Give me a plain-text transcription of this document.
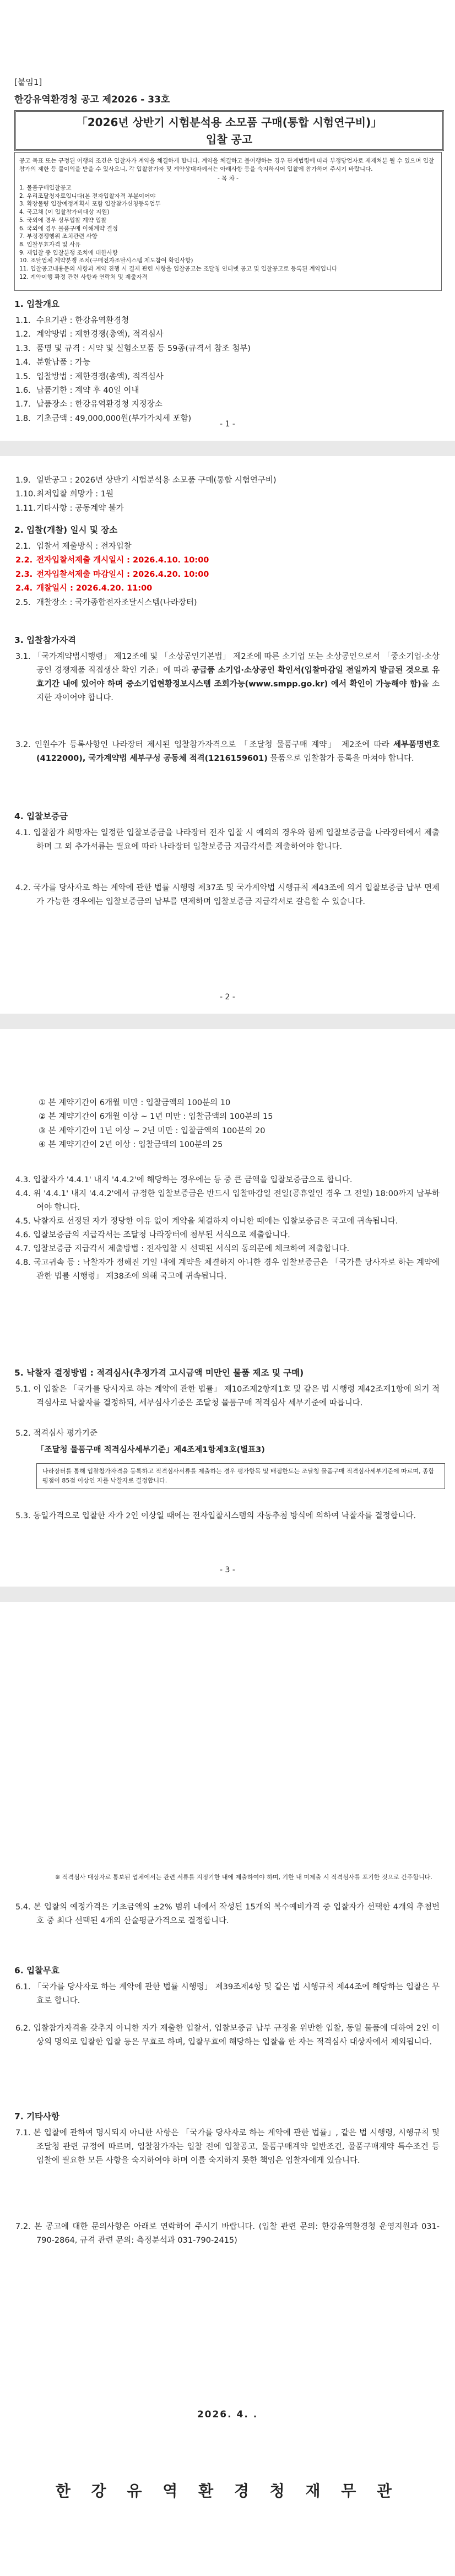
[붙임1]
한강유역환경청 공고 제2026 - 33호
「2026년 상반기 시험분석용 소모품 구매(통합 시험연구비)」
입찰 공고
공고 목표 또는 규정된 이행의 조건은 입찰자가 계약을 체결하게 합니다. 계약을 체결하고 불이행하는 경우 관계법령에 따라 부정당업자로 제재처분 될 수 있으며 입찰참가의 제한 등 불이익을 받을 수 있사오니, 각 입찰참가자 및 계약상대자께서는 아래사항 등을 숙지하시어 입찰에 참가하여 주시기 바랍니다.
- 목 차 -
1. 물품구매입찰공고
2. 우리조달청자료입니다(본 전자입찰자격 부분이어야
3. 확장물량 입찰예정계획서 포함 입찰참가신청등록업무
4. 국고채 (이 입찰참가비대상 지원)
5. 국외에 경우 상무입찰 계약 입찰
6. 국외에 경우 물품구매 이해계약 결정
7. 부정경쟁행위 조치관련 사항
8. 입찰무효자격 및 사유
9. 재입찰 중 입찰분쟁 조치에 대한사항
10. 조달업체 계약분쟁 조치(구매전자조달시스템 제도참여 확인사항)
11. 입찰공고내용문의 사항과 계약 진행 시 결제 관련 사항을 입찰공고는 조달청 인터넷 공고 및 입찰공고로 등록된 계약입니다
12. 계약이행 확정 관련 사항과 연락처 및 제출자격
1. 입찰개요
1.1. 수요기관 : 한강유역환경청
1.2. 계약방법 : 제한경쟁(총액), 적격심사
1.3. 품명 및 규격 : 시약 및 실험소모품 등 59종(규격서 참조 첨부)
1.4. 분할납품 : 가능
1.5. 입찰방법 : 제한경쟁(총액), 적격심사
1.6. 납품기한 : 계약 후 40일 이내
1.7. 납품장소 : 한강유역환경청 지정장소
1.8. 기초금액 : 49,000,000원(부가가치세 포함)
- 1 -
1.9. 일반공고 : 2026년 상반기 시험분석용 소모품 구매(통합 시험연구비)
1.10.최저입찰 희망가 : 1원
1.11.기타사항 : 공동계약 불가
2. 입찰(개찰) 일시 및 장소
2.1. 입찰서 제출방식 : 전자입찰
2.2. 전자입찰서제출 개시일시 : 2026.4.10. 10:00
2.3. 전자입찰서제출 마감일시 : 2026.4.20. 10:00
2.4. 개찰일시 : 2026.4.20. 11:00
2.5. 개찰장소 : 국가종합전자조달시스템(나라장터)
3. 입찰참가자격
3.1. 「국가계약법시행령」 제12조에 및 「소상공인기본법」 제2조에 따른 소기업 또는 소상공인으로서 「중소기업·소상공인 경쟁제품 직접생산 확인 기준」에 따라 공급품 소기업·소상공인 확인서(입찰마감일 전일까지 발급된 것으로 유효기간 내에 있어야 하며 중소기업현황정보시스템 조회가능(www.smpp.go.kr) 에서 확인이 가능해야 함)을 소지한 자이어야 합니다.
3.2. 인원수가 등록사항인 나라장터 제시된 입찰참가자격으로 「조달청 물품구매 계약」 제2조에 따라 세부품명번호(4122000), 국가계약법 세부구성 공동체 적격(1216159601) 물품으로 입찰참가 등록을 마쳐야 합니다.
4. 입찰보증금
4.1. 입찰참가 희망자는 일정한 입찰보증금을 나라장터 전자 입찰 시 예외의 경우와 함께 입찰보증금을 나라장터에서 제출하며 그 외 추가서류는 필요에 따라 나라장터 입찰보증금 지급각서를 제출하여야 합니다.
4.2. 국가를 당사자로 하는 계약에 관한 법률 시행령 제37조 및 국가계약법 시행규칙 제43조에 의거 입찰보증금 납부 면제가 가능한 경우에는 입찰보증금의 납부를 면제하며 입찰보증금 지급각서로 갈음할 수 있습니다.
- 2 -
① 본 계약기간이 6개월 미만 : 입찰금액의 100분의 10
② 본 계약기간이 6개월 이상 ~ 1년 미만 : 입찰금액의 100분의 15
③ 본 계약기간이 1년 이상 ~ 2년 미만 : 입찰금액의 100분의 20
④ 본 계약기간이 2년 이상 : 입찰금액의 100분의 25
4.3. 입찰자가 '4.4.1' 내지 '4.4.2'에 해당하는 경우에는 등 중 큰 금액을 입찰보증금으로 합니다.
4.4. 위 '4.4.1' 내지 '4.4.2'에서 규정한 입찰보증금은 반드시 입찰마감일 전일(공휴일인 경우 그 전일) 18:00까지 납부하여야 합니다.
4.5. 낙찰자로 선정된 자가 정당한 이유 없이 계약을 체결하지 아니한 때에는 입찰보증금은 국고에 귀속됩니다.
4.6. 입찰보증금의 지급각서는 조달청 나라장터에 첨부된 서식으로 제출합니다.
4.7. 입찰보증금 지급각서 제출방법 : 전자입찰 시 선택된 서식의 동의문에 체크하여 제출합니다.
4.8. 국고귀속 등 : 낙찰자가 정해진 기일 내에 계약을 체결하지 아니한 경우 입찰보증금은 「국가를 당사자로 하는 계약에 관한 법률 시행령」 제38조에 의해 국고에 귀속됩니다.
5. 낙찰자 결정방법 : 적격심사(추정가격 고시금액 미만인 물품 제조 및 구매)
5.1. 이 입찰은 「국가를 당사자로 하는 계약에 관한 법률」 제10조제2항제1호 및 같은 법 시행령 제42조제1항에 의거 적격심사로 낙찰자를 결정하되, 세부심사기준은 조달청 물품구매 적격심사 세부기준에 따릅니다.
5.2. 적격심사 평가기준
「조달청 물품구매 적격심사세부기준」제4조제1항제3호(별표3)
나라장터를 통해 입찰참가자격을 등록하고 적격심사서류를 제출하는 경우 평가항목 및 배점한도는 조달청 물품구매 적격심사세부기준에 따르며, 종합평점이 85점 이상인 자를 낙찰자로 결정합니다.
5.3. 동일가격으로 입찰한 자가 2인 이상일 때에는 전자입찰시스템의 자동추첨 방식에 의하여 낙찰자를 결정합니다.
- 3 -
※ 적격심사 대상자로 통보된 업체에서는 관련 서류를 지정기한 내에 제출하여야 하며, 기한 내 미제출 시 적격심사를 포기한 것으로 간주합니다.
5.4. 본 입찰의 예정가격은 기초금액의 ±2% 범위 내에서 작성된 15개의 복수예비가격 중 입찰자가 선택한 4개의 추첨번호 중 최다 선택된 4개의 산술평균가격으로 결정합니다.
6. 입찰무효
6.1. 「국가를 당사자로 하는 계약에 관한 법률 시행령」 제39조제4항 및 같은 법 시행규칙 제44조에 해당하는 입찰은 무효로 합니다.
6.2. 입찰참가자격을 갖추지 아니한 자가 제출한 입찰서, 입찰보증금 납부 규정을 위반한 입찰, 동일 물품에 대하여 2인 이상의 명의로 입찰한 입찰 등은 무효로 하며, 입찰무효에 해당하는 입찰을 한 자는 적격심사 대상자에서 제외됩니다.
7. 기타사항
7.1. 본 입찰에 관하여 명시되지 아니한 사항은 「국가를 당사자로 하는 계약에 관한 법률」, 같은 법 시행령, 시행규칙 및 조달청 관련 규정에 따르며, 입찰참가자는 입찰 전에 입찰공고, 물품구매계약 일반조건, 물품구매계약 특수조건 등 입찰에 필요한 모든 사항을 숙지하여야 하며 이를 숙지하지 못한 책임은 입찰자에게 있습니다.
7.2. 본 공고에 대한 문의사항은 아래로 연락하여 주시기 바랍니다. (입찰 관련 문의: 한강유역환경청 운영지원과 031-790-2864, 규격 관련 문의: 측정분석과 031-790-2415)
2026. 4. .
한 강 유 역 환 경 청 재 무 관
